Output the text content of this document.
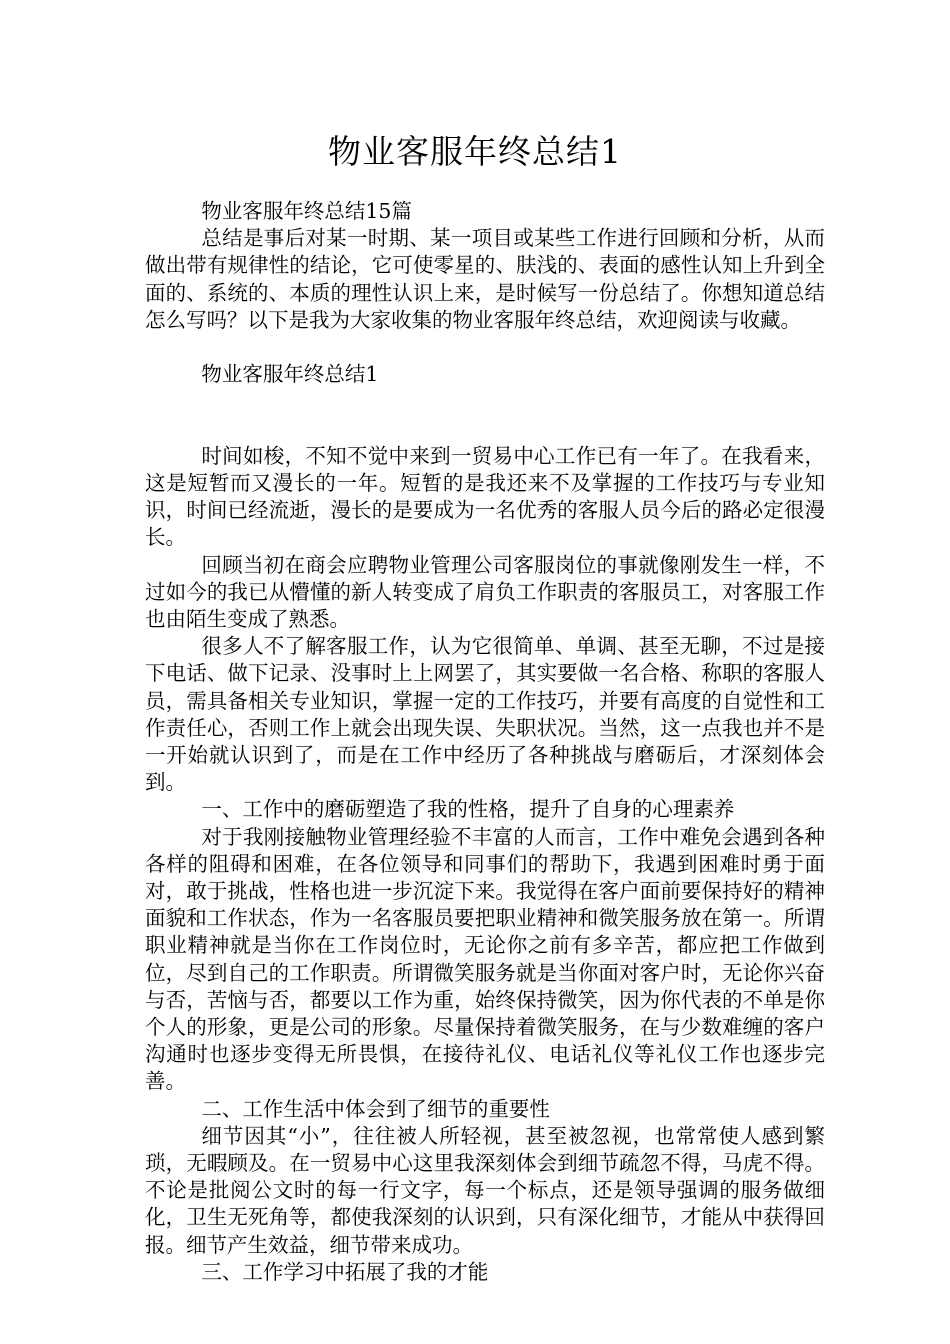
物业客服年终总结1

物业客服年终总结15篇

总结是事后对某一时期、某一项目或某些工作进行回顾和分析，从而做出带有规律性的结论，它可使零星的、肤浅的、表面的感性认知上升到全面的、系统的、本质的理性认识上来，是时候写一份总结了。你想知道总结怎么写吗？以下是我为大家收集的物业客服年终总结，欢迎阅读与收藏。

物业客服年终总结1

时间如梭，不知不觉中来到一贸易中心工作已有一年了。在我看来，这是短暂而又漫长的一年。短暂的是我还来不及掌握的工作技巧与专业知识，时间已经流逝，漫长的是要成为一名优秀的客服人员今后的路必定很漫长。

回顾当初在商会应聘物业管理公司客服岗位的事就像刚发生一样，不过如今的我已从懵懂的新人转变成了肩负工作职责的客服员工，对客服工作也由陌生变成了熟悉。

很多人不了解客服工作，认为它很简单、单调、甚至无聊，不过是接下电话、做下记录、没事时上上网罢了，其实要做一名合格、称职的客服人员，需具备相关专业知识，掌握一定的工作技巧，并要有高度的自觉性和工作责任心，否则工作上就会出现失误、失职状况。当然，这一点我也并不是一开始就认识到了，而是在工作中经历了各种挑战与磨砺后，才深刻体会到。

一、工作中的磨砺塑造了我的性格，提升了自身的心理素养

对于我刚接触物业管理经验不丰富的人而言，工作中难免会遇到各种各样的阻碍和困难，在各位领导和同事们的帮助下，我遇到困难时勇于面对，敢于挑战，性格也进一步沉淀下来。我觉得在客户面前要保持好的精神面貌和工作状态，作为一名客服员要把职业精神和微笑服务放在第一。所谓职业精神就是当你在工作岗位时，无论你之前有多辛苦，都应把工作做到位，尽到自己的工作职责。所谓微笑服务就是当你面对客户时，无论你兴奋与否，苦恼与否，都要以工作为重，始终保持微笑，因为你代表的不单是你个人的形象，更是公司的形象。尽量保持着微笑服务，在与少数难缠的客户沟通时也逐步变得无所畏惧，在接待礼仪、电话礼仪等礼仪工作也逐步完善。

二、工作生活中体会到了细节的重要性

细节因其“小”，往往被人所轻视，甚至被忽视，也常常使人感到繁琐，无暇顾及。在一贸易中心这里我深刻体会到细节疏忽不得，马虎不得。不论是批阅公文时的每一行文字，每一个标点，还是领导强调的服务做细化，卫生无死角等，都使我深刻的认识到，只有深化细节，才能从中获得回报。细节产生效益，细节带来成功。

三、工作学习中拓展了我的才能
